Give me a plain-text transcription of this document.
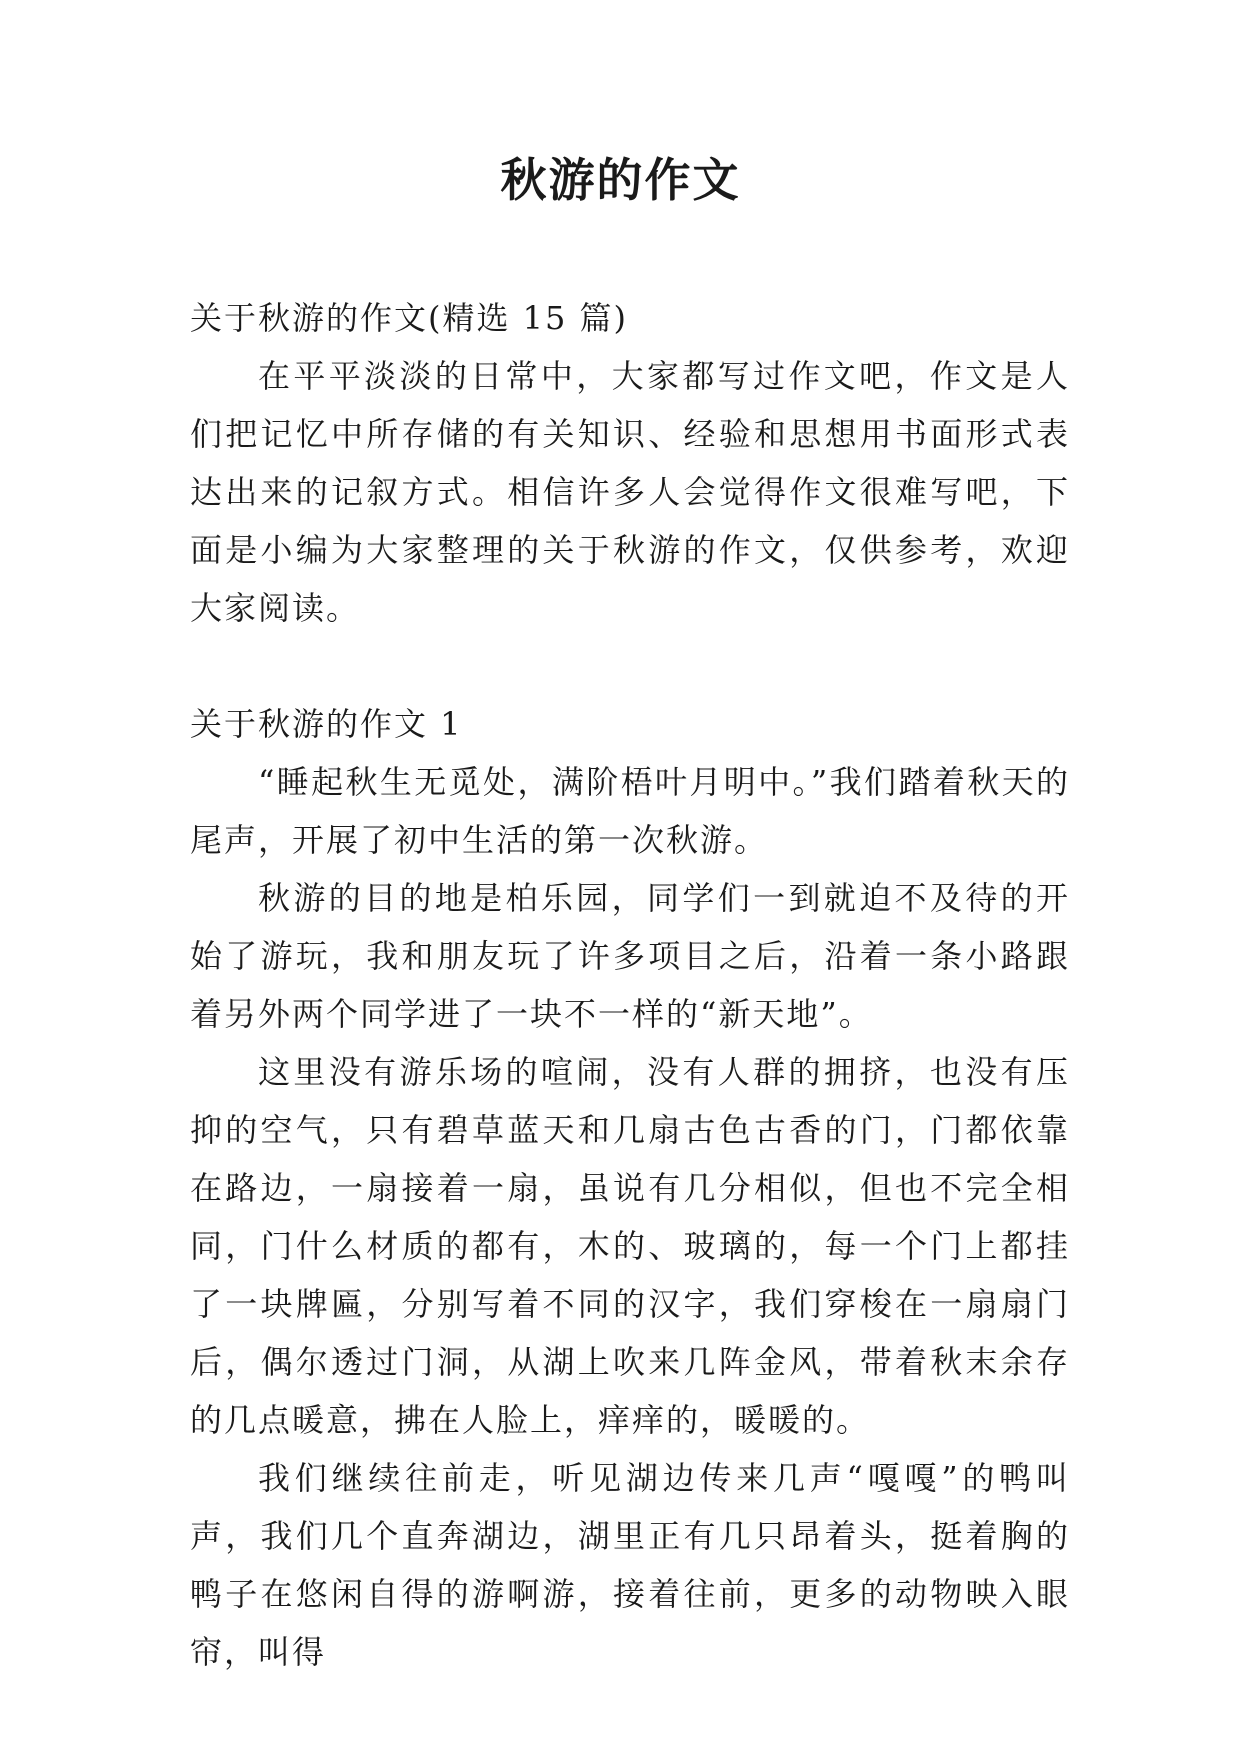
秋游的作文

关于秋游的作文(精选 15 篇)

在平平淡淡的日常中，大家都写过作文吧，作文是人们把记忆中所存储的有关知识、经验和思想用书面形式表达出来的记叙方式。相信许多人会觉得作文很难写吧，下面是小编为大家整理的关于秋游的作文，仅供参考，欢迎大家阅读。

关于秋游的作文 1

“睡起秋生无觅处，满阶梧叶月明中。”我们踏着秋天的尾声，开展了初中生活的第一次秋游。

秋游的目的地是柏乐园，同学们一到就迫不及待的开始了游玩，我和朋友玩了许多项目之后，沿着一条小路跟着另外两个同学进了一块不一样的“新天地”。

这里没有游乐场的喧闹，没有人群的拥挤，也没有压抑的空气，只有碧草蓝天和几扇古色古香的门，门都依靠在路边，一扇接着一扇，虽说有几分相似，但也不完全相同，门什么材质的都有，木的、玻璃的，每一个门上都挂了一块牌匾，分别写着不同的汉字，我们穿梭在一扇扇门后，偶尔透过门洞，从湖上吹来几阵金风，带着秋末余存的几点暖意，拂在人脸上，痒痒的，暖暖的。

我们继续往前走，听见湖边传来几声“嘎嘎”的鸭叫声，我们几个直奔湖边，湖里正有几只昂着头，挺着胸的鸭子在悠闲自得的游啊游，接着往前，更多的动物映入眼帘，叫得
